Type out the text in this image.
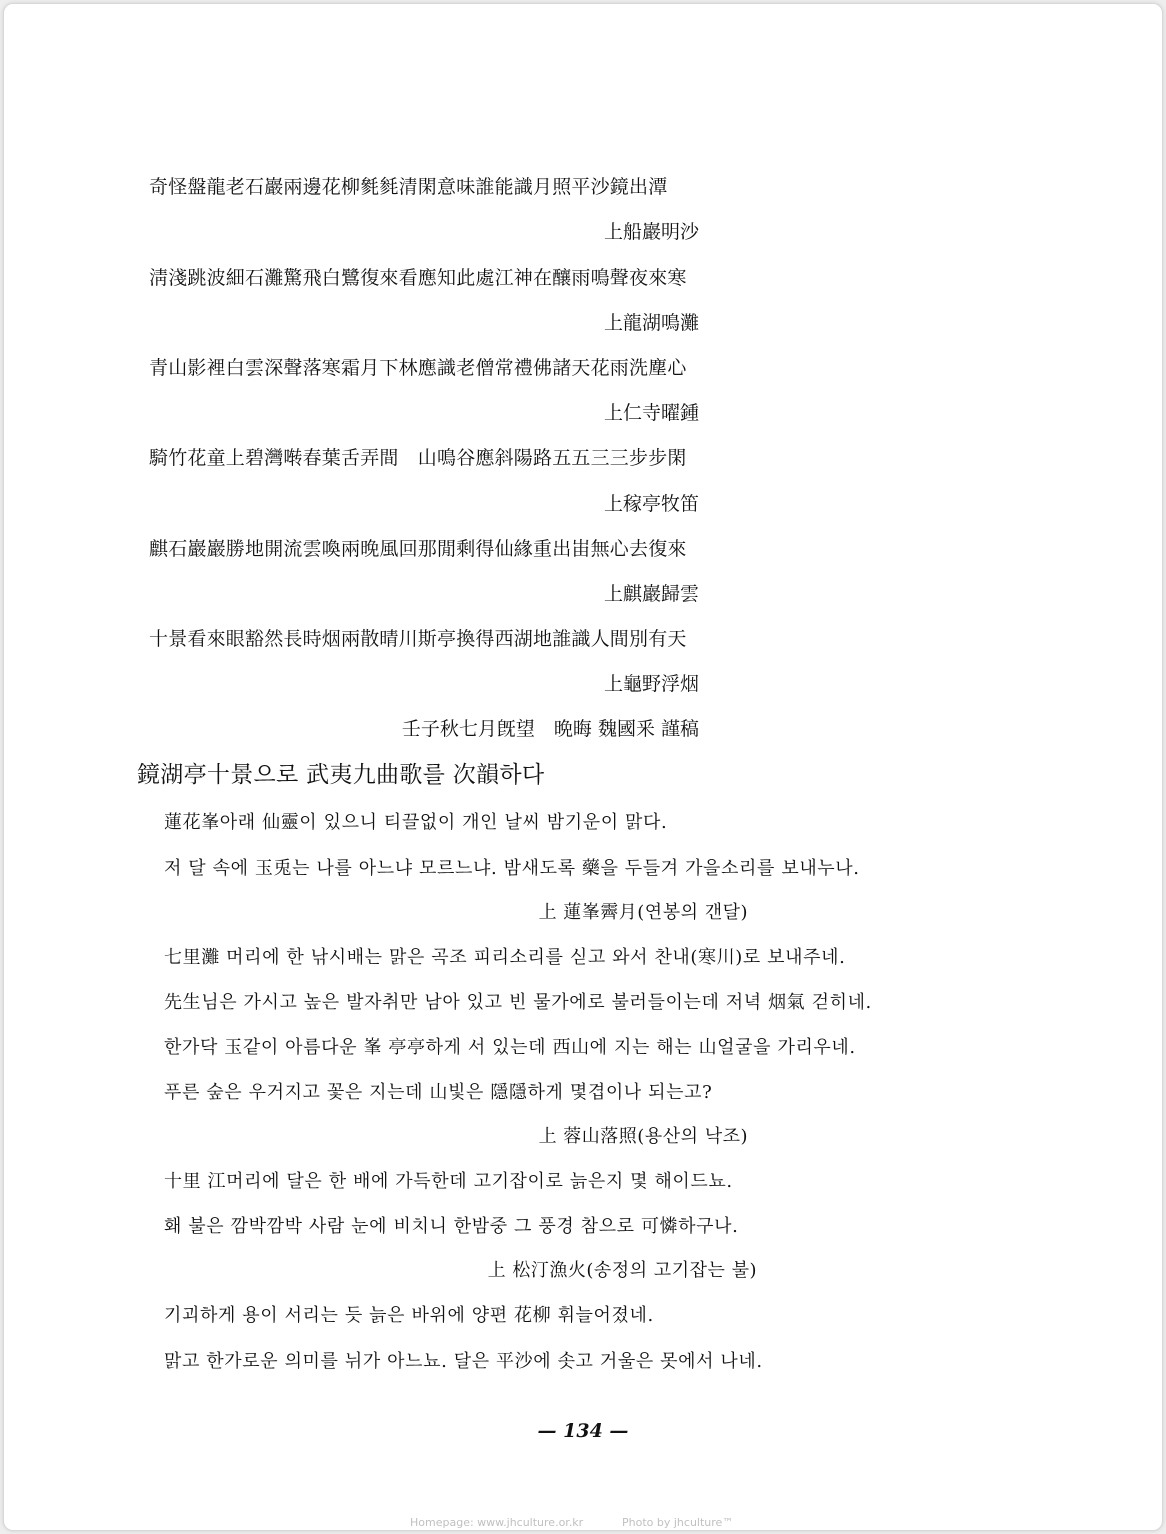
奇怪盤龍老石巖兩邊花柳毿毵清閑意味誰能識月照平沙鏡出潭
上船巖明沙
淸淺跳波細石灘驚飛白鷺復來看應知此處江神在釀雨鳴聲夜來寒
上龍湖鳴灘
青山影裡白雲深聲落寒霜月下林應識老僧常禮佛諸天花雨洗塵心
上仁寺曜鍾
騎竹花童上碧灣啭春葉舌弄間　山鳴谷應斜陽路五五三三步步閑
上稼亭牧笛
麒石巖巖勝地開流雲喚兩晚風回那閒剩得仙緣重出峀無心去復來
上麒巖歸雲
十景看來眼豁然長時烟兩散晴川斯亭換得西湖地誰識人間別有天
上龜野浮烟
壬子秋七月旣望　晩晦 魏國釆 謹稿
鏡湖亭十景으로 武夷九曲歌를 次韻하다
蓮花峯아래 仙靈이 있으니 티끌없이 개인 날씨 밤기운이 맑다.
저 달 속에 玉兎는 나를 아느냐 모르느냐. 밤새도록 藥을 두들겨 가을소리를 보내누나.
上 蓮峯霽月(연봉의 갠달)
七里灘 머리에 한 낚시배는 맑은 곡조 피리소리를 싣고 와서 찬내(寒川)로 보내주네.
先生님은 가시고 높은 발자취만 남아 있고 빈 물가에로 불러들이는데 저녁 烟氣 걷히네.
한가닥 玉같이 아름다운 峯 亭亭하게 서 있는데 西山에 지는 해는 山얼굴을 가리우네.
푸른 숲은 우거지고 꽃은 지는데 山빛은 隱隱하게 몇겹이나 되는고?
上 蓉山落照(용산의 낙조)
十里 江머리에 달은 한 배에 가득한데 고기잡이로 늙은지 몇 해이드뇨.
홰 불은 깜박깜박 사람 눈에 비치니 한밤중 그 풍경 참으로 可憐하구나.
上 松汀漁火(송정의 고기잡는 불)
기괴하게 용이 서리는 듯 늙은 바위에 양편 花柳 휘늘어졌네.
맑고 한가로운 의미를 뉘가 아느뇨. 달은 平沙에 솟고 거울은 못에서 나네.
— 134 —
Homepage: www.jhculture.or.kr	Photo by jhculture™
